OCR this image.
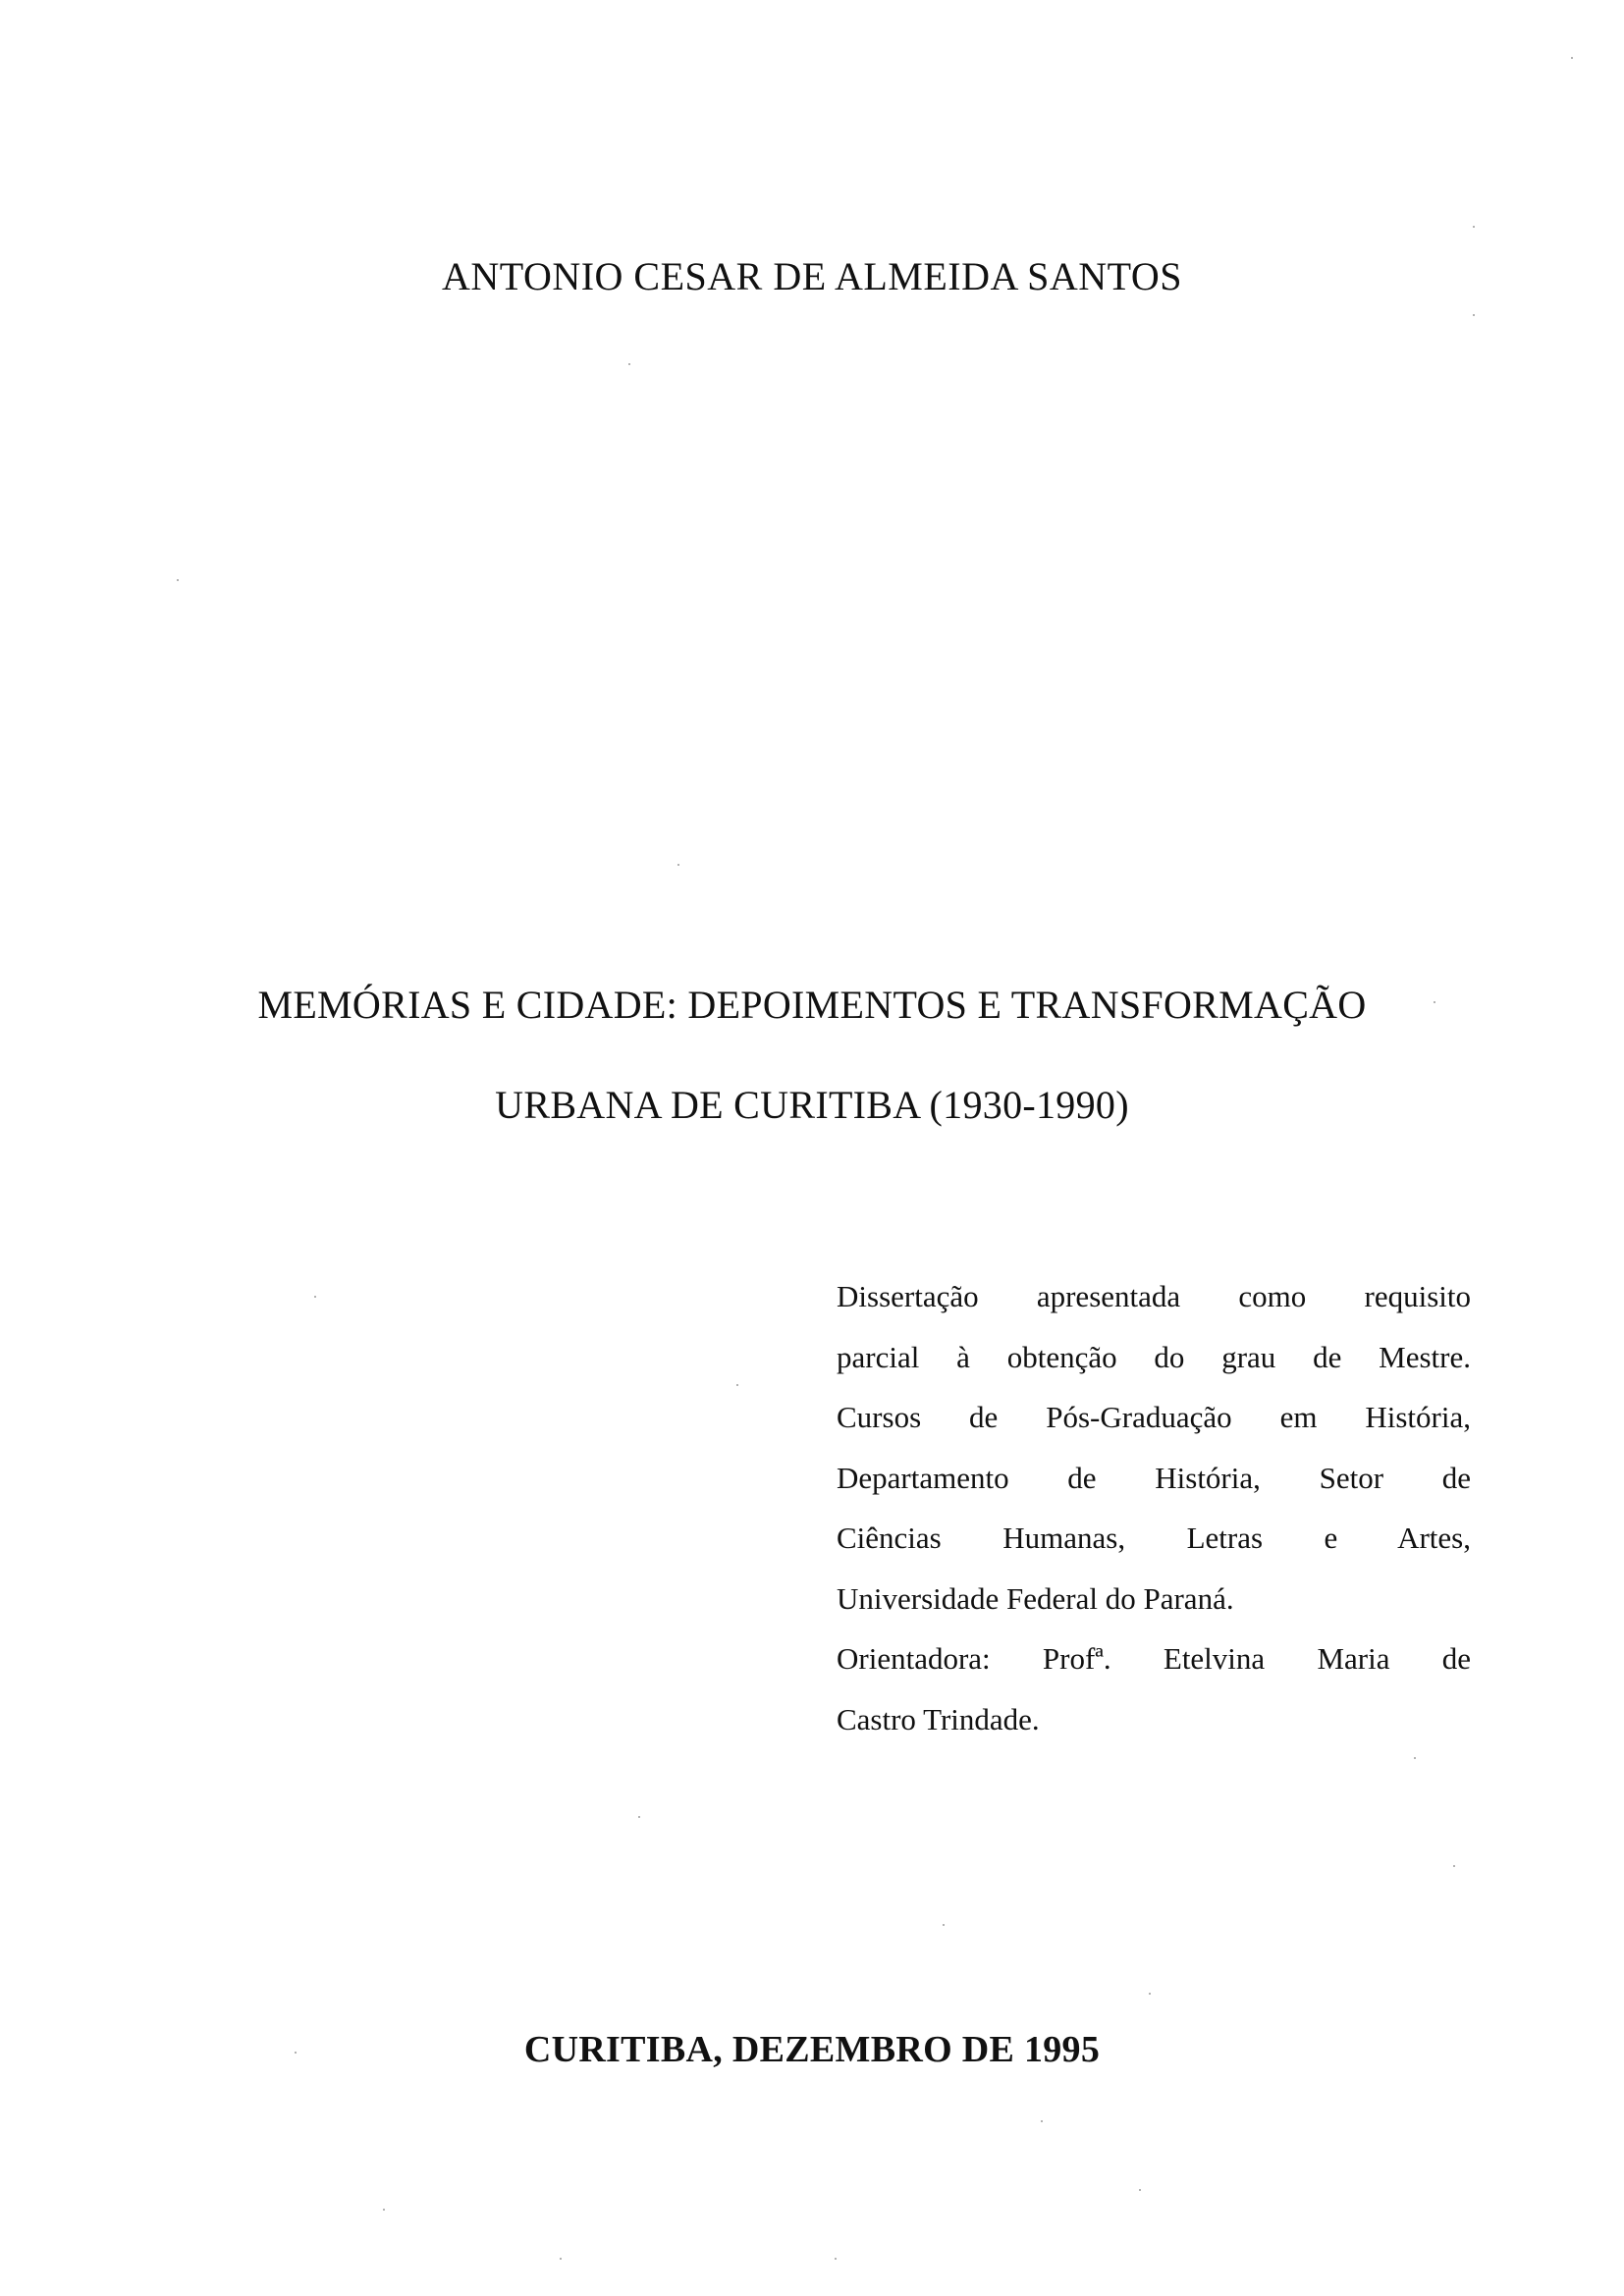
ANTONIO CESAR DE ALMEIDA SANTOS
MEMÓRIAS E CIDADE: DEPOIMENTOS E TRANSFORMAÇÃO
URBANA DE CURITIBA (1930-1990)
Dissertação apresentada como requisito
parcial à obtenção do grau de Mestre.
Cursos de Pós-Graduação em História,
Departamento de História, Setor de
Ciências Humanas, Letras e Artes,
Universidade Federal do Paraná.
Orientadora: Profª. Etelvina Maria de
Castro Trindade.
CURITIBA, DEZEMBRO DE 1995
